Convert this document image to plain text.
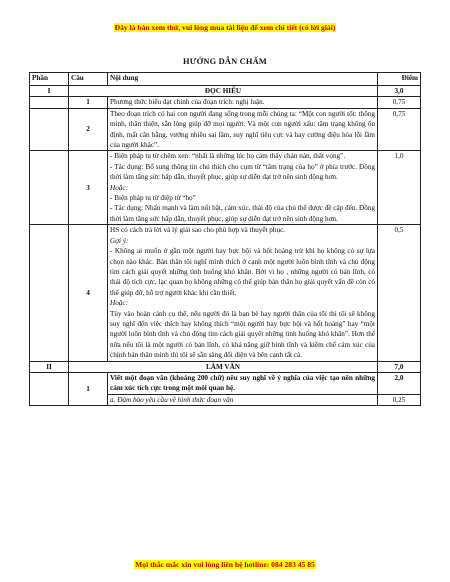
Đây là bản xem thử, vui lòng mua tài liệu để xem chi tiết (có lời giải)
HƯỚNG DẪN CHẤM
Phần	Câu	Nội dung	Điểm
I	ĐỌC HIỂU		3,0
	1	Phương thức biểu đạt chính của đoạn trích: nghị luận.	0,75
	2	Theo đoạn trích có hai con người đang sống trong mỗi chúng ta: “Một con người tốt: thông minh, thân thiện, sẵn lòng giúp đỡ mọi người. Và một con người xấu: tâm trạng không ổn định, mất cân bằng, vướng nhiều sai lầm, suy nghĩ tiêu cực và hay cường điệu hóa lỗi lầm của người khác”.	0,75
	3	- Biện pháp tu từ chêm xen: “nhất là những lúc họ cảm thấy chán nản, thất vọng”.
- Tác dụng: Bổ sung thông tin chú thích cho cụm từ “tâm trạng của họ” ở phía trước. Đồng thời làm tăng sức hấp dẫn, thuyết phục, giúp sự diễn đạt trở nên sinh động hơn.
Hoặc:
- Biện pháp tu từ điệp từ “họ”
- Tác dụng: Nhấn mạnh và làm nổi bật, cảm xúc, thái độ của chủ thể được đề cập đến. Đồng thời làm tăng sức hấp dẫn, thuyết phục, giúp sự diễn đạt trở nên sinh động hơn.	1,0
	4	HS có cách trả lời và lý giải sao cho phù hợp và thuyết phục.
Gợi ý:
- Không ai muốn ở gần một người hay bực bội và hốt hoảng trừ khi họ không có sự lựa chọn nào khác. Bản thân tôi nghĩ mình thích ở cạnh một người luôn bình tĩnh và chủ động tìm cách giải quyết những tình huống khó khăn. Bởi vì họ , những người có bản lĩnh, có thái độ tích cực, lạc quan họ không những có thể giúp bản thân họ giải quyết vấn đề còn có thể giúp đỡ, hỗ trợ người khác khi cần thiết.
Hoặc:
Tùy vào hoàn cảnh cụ thể, nếu người đó là bạn bè hay người thân của tôi thì tôi sẽ không suy nghĩ đến việc thích hay không thích “một người hay bực bội và hốt hoảng” hay “một người luôn bình tĩnh và chủ động tìm cách giải quyết những tình huống khó khăn”. Hơn thế nữa nếu tôi là một người có bản lĩnh, có khả năng giữ bình tĩnh và kiềm chế cảm xúc của chính bản thân mình thì tôi sẽ sẵn sàng đối diện và bên cạnh tất cả.	0,5
II	LÀM VĂN		7,0
	1	Viết một đoạn văn (khoảng 200 chữ) nêu suy nghĩ về ý nghĩa của việc tạo nên những cảm xúc tích cực trong một môi quan hệ.	2,0
		a. Đảm bảo yêu cầu về hình thức đoạn văn	0,25
Mọi thắc mắc xin vui lòng liên hệ hotline: 084 283 45 85
